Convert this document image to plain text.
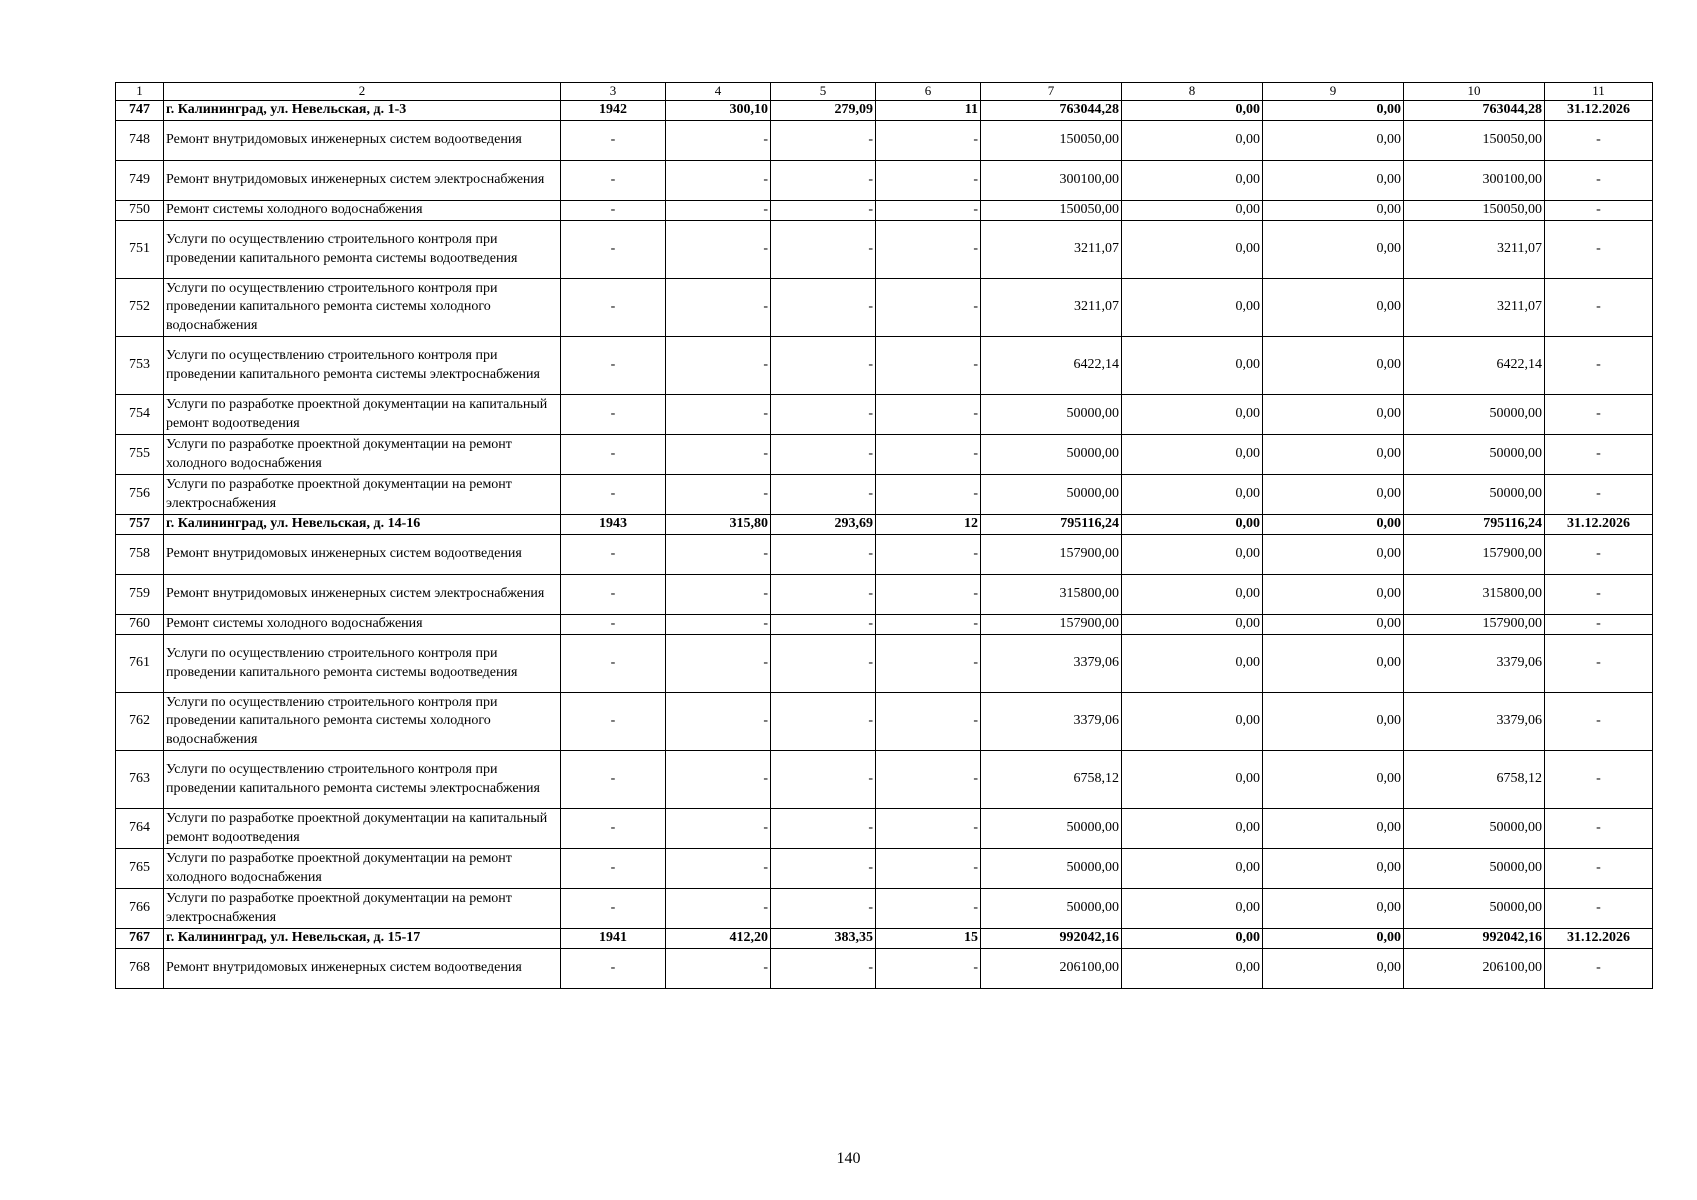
1	2	3	4	5	6	7	8	9	10	11
747	г. Калининград, ул. Невельская, д. 1-3	1942	300,10	279,09	11	763044,28	0,00	0,00	763044,28	31.12.2026
748	Ремонт внутридомовых инженерных систем водоотведения	-	-	-	-	150050,00	0,00	0,00	150050,00	-
749	Ремонт внутридомовых инженерных систем электроснабжения	-	-	-	-	300100,00	0,00	0,00	300100,00	-
750	Ремонт системы холодного водоснабжения	-	-	-	-	150050,00	0,00	0,00	150050,00	-
751	Услуги по осуществлению строительного контроля при проведении капитального ремонта системы водоотведения	-	-	-	-	3211,07	0,00	0,00	3211,07	-
752	Услуги по осуществлению строительного контроля при проведении капитального ремонта системы холодного водоснабжения	-	-	-	-	3211,07	0,00	0,00	3211,07	-
753	Услуги по осуществлению строительного контроля при проведении капитального ремонта системы электроснабжения	-	-	-	-	6422,14	0,00	0,00	6422,14	-
754	Услуги по разработке проектной документации на капитальный ремонт водоотведения	-	-	-	-	50000,00	0,00	0,00	50000,00	-
755	Услуги по разработке проектной документации на ремонт холодного водоснабжения	-	-	-	-	50000,00	0,00	0,00	50000,00	-
756	Услуги по разработке проектной документации на ремонт электроснабжения	-	-	-	-	50000,00	0,00	0,00	50000,00	-
757	г. Калининград, ул. Невельская, д. 14-16	1943	315,80	293,69	12	795116,24	0,00	0,00	795116,24	31.12.2026
758	Ремонт внутридомовых инженерных систем водоотведения	-	-	-	-	157900,00	0,00	0,00	157900,00	-
759	Ремонт внутридомовых инженерных систем электроснабжения	-	-	-	-	315800,00	0,00	0,00	315800,00	-
760	Ремонт системы холодного водоснабжения	-	-	-	-	157900,00	0,00	0,00	157900,00	-
761	Услуги по осуществлению строительного контроля при проведении капитального ремонта системы водоотведения	-	-	-	-	3379,06	0,00	0,00	3379,06	-
762	Услуги по осуществлению строительного контроля при проведении капитального ремонта системы холодного водоснабжения	-	-	-	-	3379,06	0,00	0,00	3379,06	-
763	Услуги по осуществлению строительного контроля при проведении капитального ремонта системы электроснабжения	-	-	-	-	6758,12	0,00	0,00	6758,12	-
764	Услуги по разработке проектной документации на капитальный ремонт водоотведения	-	-	-	-	50000,00	0,00	0,00	50000,00	-
765	Услуги по разработке проектной документации на ремонт холодного водоснабжения	-	-	-	-	50000,00	0,00	0,00	50000,00	-
766	Услуги по разработке проектной документации на ремонт электроснабжения	-	-	-	-	50000,00	0,00	0,00	50000,00	-
767	г. Калининград, ул. Невельская, д. 15-17	1941	412,20	383,35	15	992042,16	0,00	0,00	992042,16	31.12.2026
768	Ремонт внутридомовых инженерных систем водоотведения	-	-	-	-	206100,00	0,00	0,00	206100,00	-
140
